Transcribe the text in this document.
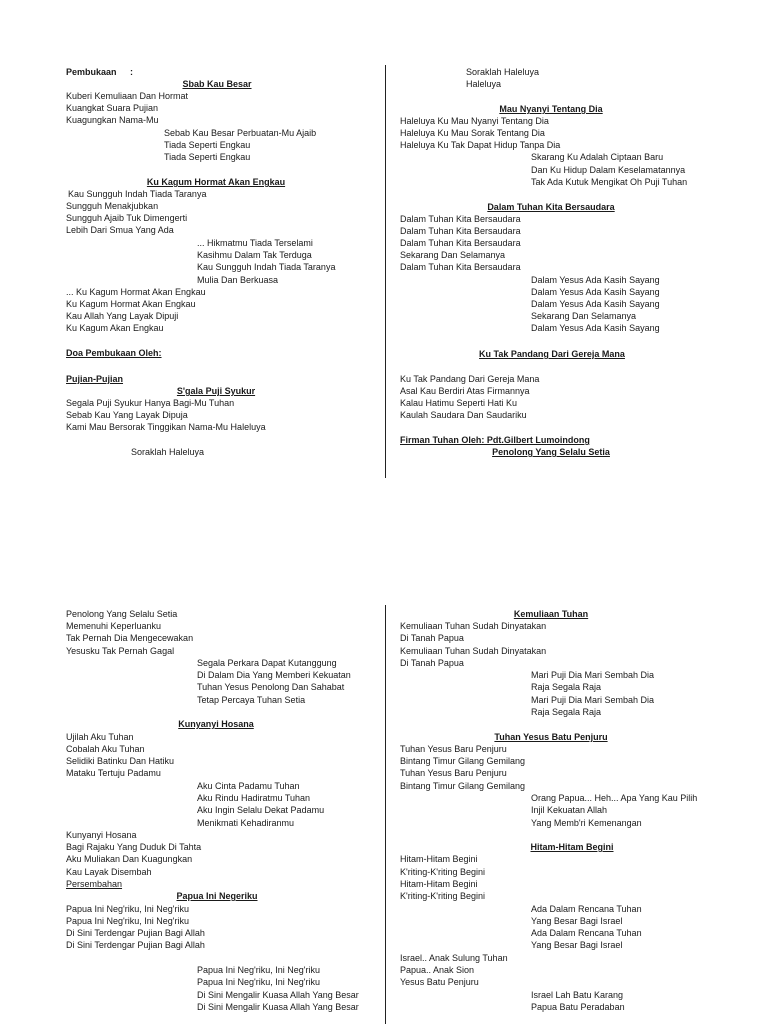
Pembukaan :
Sbab Kau Besar
Kuberi Kemuliaan Dan Hormat
Kuangkat Suara Pujian
Kuagungkan Nama-Mu
Sebab Kau Besar Perbuatan-Mu Ajaib
Tiada Seperti Engkau
Tiada Seperti Engkau
Ku Kagum Hormat Akan Engkau
Kau Sungguh Indah Tiada Taranya
Sungguh Menakjubkan
Sungguh Ajaib Tuk Dimengerti
Lebih Dari Smua Yang Ada
... Hikmatmu Tiada Terselami
Kasihmu Dalam Tak Terduga
Kau Sungguh Indah Tiada Taranya
Mulia Dan Berkuasa
... Ku Kagum Hormat Akan Engkau
Ku Kagum Hormat Akan Engkau
Kau Allah Yang Layak Dipuji
Ku Kagum Akan Engkau
Doa Pembukaan Oleh:
Pujian-Pujian
S'gala Puji Syukur
Segala Puji Syukur Hanya Bagi-Mu Tuhan
Sebab Kau Yang Layak Dipuja
Kami Mau Bersorak Tinggikan Nama-Mu Haleluya
Soraklah Haleluya
Soraklah Haleluya
Haleluya
Mau Nyanyi Tentang Dia
Haleluya Ku Mau Nyanyi Tentang Dia
Haleluya Ku Mau Sorak Tentang Dia
Haleluya Ku Tak Dapat Hidup Tanpa Dia
Skarang Ku Adalah Ciptaan Baru
Dan Ku Hidup Dalam Keselamatannya
Tak Ada Kutuk Mengikat Oh Puji Tuhan
Dalam Tuhan Kita Bersaudara
Dalam Tuhan Kita Bersaudara
Dalam Tuhan Kita Bersaudara
Dalam Tuhan Kita Bersaudara
Sekarang Dan Selamanya
Dalam Tuhan Kita Bersaudara
Dalam Yesus Ada Kasih Sayang
Dalam Yesus Ada Kasih Sayang
Dalam Yesus Ada Kasih Sayang
Sekarang Dan Selamanya
Dalam Yesus Ada Kasih Sayang
Ku Tak Pandang Dari Gereja Mana
Ku Tak Pandang Dari Gereja Mana
Asal Kau Berdiri Atas Firmannya
Kalau Hatimu Seperti Hati Ku
Kaulah Saudara Dan Saudariku
Firman Tuhan Oleh: Pdt.Gilbert Lumoindong
Penolong Yang Selalu Setia
Penolong Yang Selalu Setia
Memenuhi Keperluanku
Tak Pernah Dia Mengecewakan
Yesusku Tak Pernah Gagal
Segala Perkara Dapat Kutanggung
Di Dalam Dia Yang Memberi Kekuatan
Tuhan Yesus Penolong Dan Sahabat
Tetap Percaya Tuhan Setia
Kunyanyi Hosana
Ujilah Aku Tuhan
Cobalah Aku Tuhan
Selidiki Batinku Dan Hatiku
Mataku Tertuju Padamu
Aku Cinta Padamu Tuhan
Aku Rindu Hadiratmu Tuhan
Aku Ingin Selalu Dekat Padamu
Menikmati Kehadiranmu
Kunyanyi Hosana
Bagi Rajaku Yang Duduk Di Tahta
Aku Muliakan Dan Kuagungkan
Kau Layak Disembah
Persembahan
Papua Ini Negeriku
Papua Ini Neg'riku, Ini Neg'riku
Papua Ini Neg'riku, Ini Neg'riku
Di Sini Terdengar Pujian Bagi Allah
Di Sini Terdengar Pujian Bagi Allah
Papua Ini Neg'riku, Ini Neg'riku
Papua Ini Neg'riku, Ini Neg'riku
Di Sini Mengalir Kuasa Allah Yang Besar
Di Sini Mengalir Kuasa Allah Yang Besar
Kemuliaan Tuhan
Kemuliaan Tuhan Sudah Dinyatakan
Di Tanah Papua
Kemuliaan Tuhan Sudah Dinyatakan
Di Tanah Papua
Mari Puji Dia Mari Sembah Dia
Raja Segala Raja
Mari Puji Dia Mari Sembah Dia
Raja Segala Raja
Tuhan Yesus Batu Penjuru
Tuhan Yesus Baru Penjuru
Bintang Timur Gilang Gemilang
Tuhan Yesus Baru Penjuru
Bintang Timur Gilang Gemilang
Orang Papua... Heh... Apa Yang Kau Pilih
Injil Kekuatan Allah
Yang Memb'ri Kemenangan
Hitam-Hitam Begini
Hitam-Hitam Begini
K'riting-K'riting Begini
Hitam-Hitam Begini
K'riting-K'riting Begini
Ada Dalam Rencana Tuhan
Yang Besar Bagi Israel
Ada Dalam Rencana Tuhan
Yang Besar Bagi Israel
Israel.. Anak Sulung Tuhan
Papua.. Anak Sion
Yesus Batu Penjuru
Israel Lah Batu Karang
Papua Batu Peradaban
